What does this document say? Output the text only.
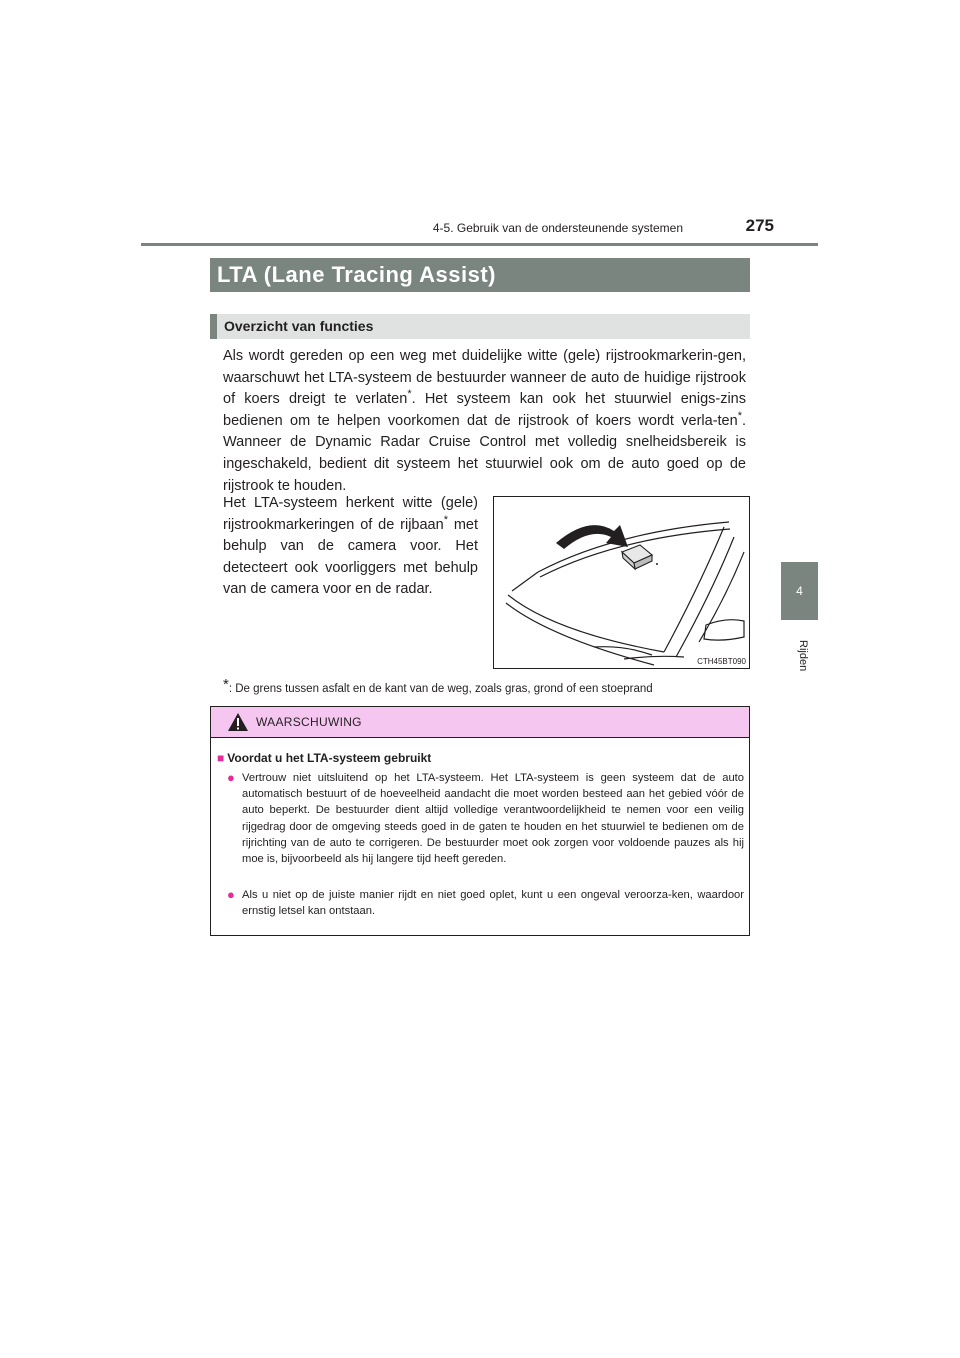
4-5. Gebruik van de ondersteunende systemen	275
4
Rijden
LTA (Lane Tracing Assist)
Overzicht van functies

Als wordt gereden op een weg met duidelijke witte (gele) rijstrookmarkerin-gen, waarschuwt het LTA-systeem de bestuurder wanneer de auto de huidige rijstrook of koers dreigt te verlaten*. Het systeem kan ook het stuurwiel enigs-zins bedienen om te helpen voorkomen dat de rijstrook of koers wordt verla-ten*. Wanneer de Dynamic Radar Cruise Control met volledig snelheidsbereik is ingeschakeld, bedient dit systeem het stuurwiel ook om de auto goed op de rijstrook te houden.

Het LTA-systeem herkent witte (gele) rijstrookmarkeringen of de rijbaan* met behulp van de camera voor. Het detecteert ook voorliggers met behulp van de camera voor en de radar.

CTH45BT090
*: De grens tussen asfalt en de kant van de weg, zoals gras, grond of een stoeprand
WAARSCHUWING
■ Voordat u het LTA-systeem gebruikt
● Vertrouw niet uitsluitend op het LTA-systeem. Het LTA-systeem is geen systeem dat de auto automatisch bestuurt of de hoeveelheid aandacht die moet worden besteed aan het gebied vóór de auto beperkt. De bestuurder dient altijd volledige verantwoordelijkheid te nemen voor een veilig rijgedrag door de omgeving steeds goed in de gaten te houden en het stuurwiel te bedienen om de rijrichting van de auto te corrigeren. De bestuurder moet ook zorgen voor voldoende pauzes als hij moe is, bijvoorbeeld als hij langere tijd heeft gereden.
● Als u niet op de juiste manier rijdt en niet goed oplet, kunt u een ongeval veroorza-ken, waardoor ernstig letsel kan ontstaan.
